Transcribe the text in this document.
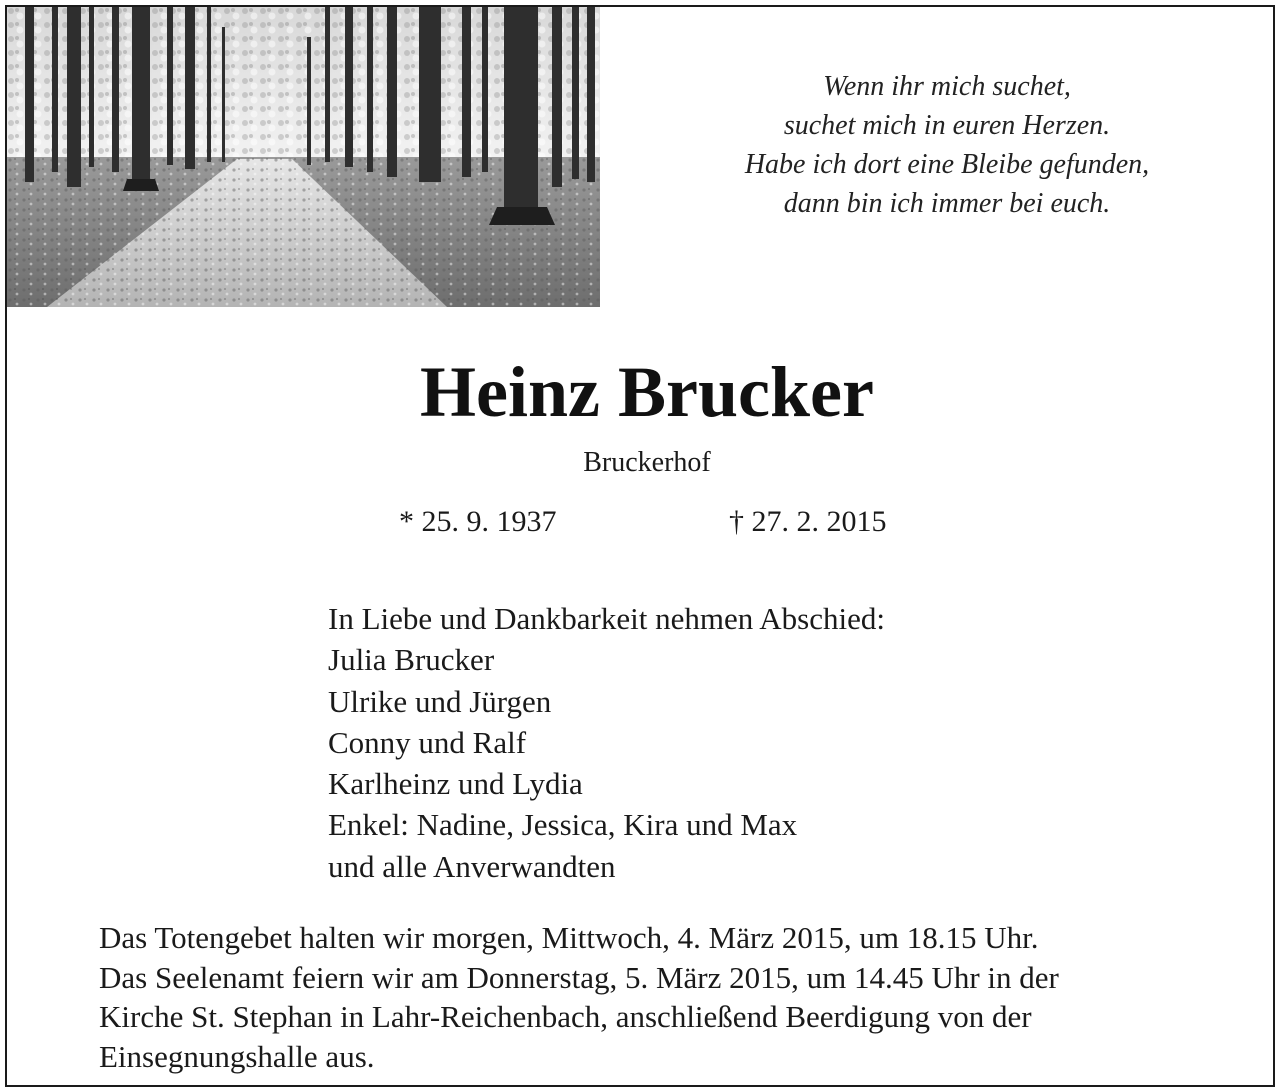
Wenn ihr mich suchet,
suchet mich in euren Herzen.
Habe ich dort eine Bleibe gefunden,
dann bin ich immer bei euch.
Heinz Brucker
Bruckerhof
* 25. 9. 1937	† 27. 2. 2015
In Liebe und Dankbarkeit nehmen Abschied:
Julia Brucker
Ulrike und Jürgen
Conny und Ralf
Karlheinz und Lydia
Enkel: Nadine, Jessica, Kira und Max
und alle Anverwandten
Das Totengebet halten wir morgen, Mittwoch, 4. März 2015, um 18.15 Uhr.
Das Seelenamt feiern wir am Donnerstag, 5. März 2015, um 14.45 Uhr in der
Kirche St. Stephan in Lahr-Reichenbach, anschließend Beerdigung von der
Einsegnungshalle aus.
